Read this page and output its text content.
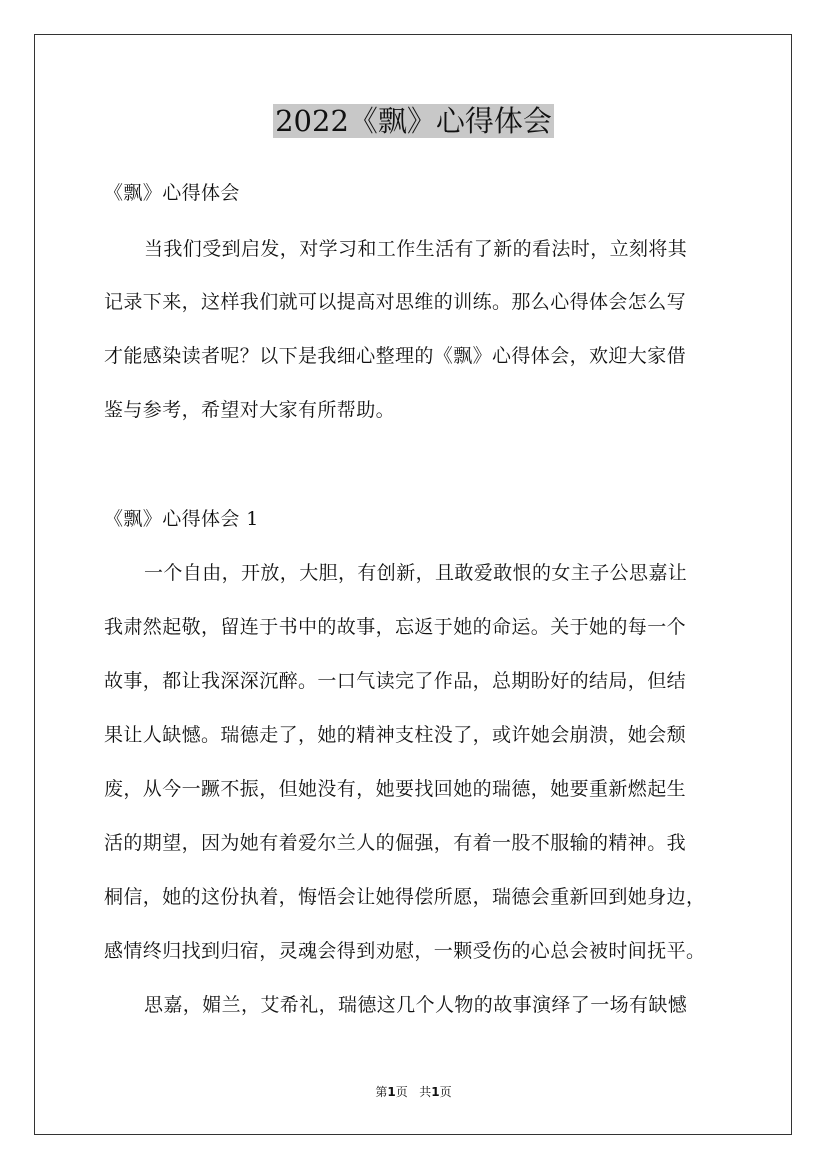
2022《飘》心得体会
《飘》心得体会
当我们受到启发，对学习和工作生活有了新的看法时，立刻将其
记录下来，这样我们就可以提高对思维的训练。那么心得体会怎么写
才能感染读者呢？以下是我细心整理的《飘》心得体会，欢迎大家借
鉴与参考，希望对大家有所帮助。
《飘》心得体会 1
一个自由，开放，大胆，有创新，且敢爱敢恨的女主子公思嘉让
我肃然起敬，留连于书中的故事，忘返于她的命运。关于她的每一个
故事，都让我深深沉醉。一口气读完了作品，总期盼好的结局，但结
果让人缺憾。瑞德走了，她的精神支柱没了，或许她会崩溃，她会颓
废，从今一蹶不振，但她没有，她要找回她的瑞德，她要重新燃起生
活的期望，因为她有着爱尔兰人的倔强，有着一股不服输的精神。我
桐信，她的这份执着，悔悟会让她得偿所愿，瑞德会重新回到她身边，
感情终归找到归宿，灵魂会得到劝慰，一颗受伤的心总会被时间抚平。
思嘉，媚兰，艾希礼，瑞德这几个人物的故事演绎了一场有缺憾
第1页   共1页
